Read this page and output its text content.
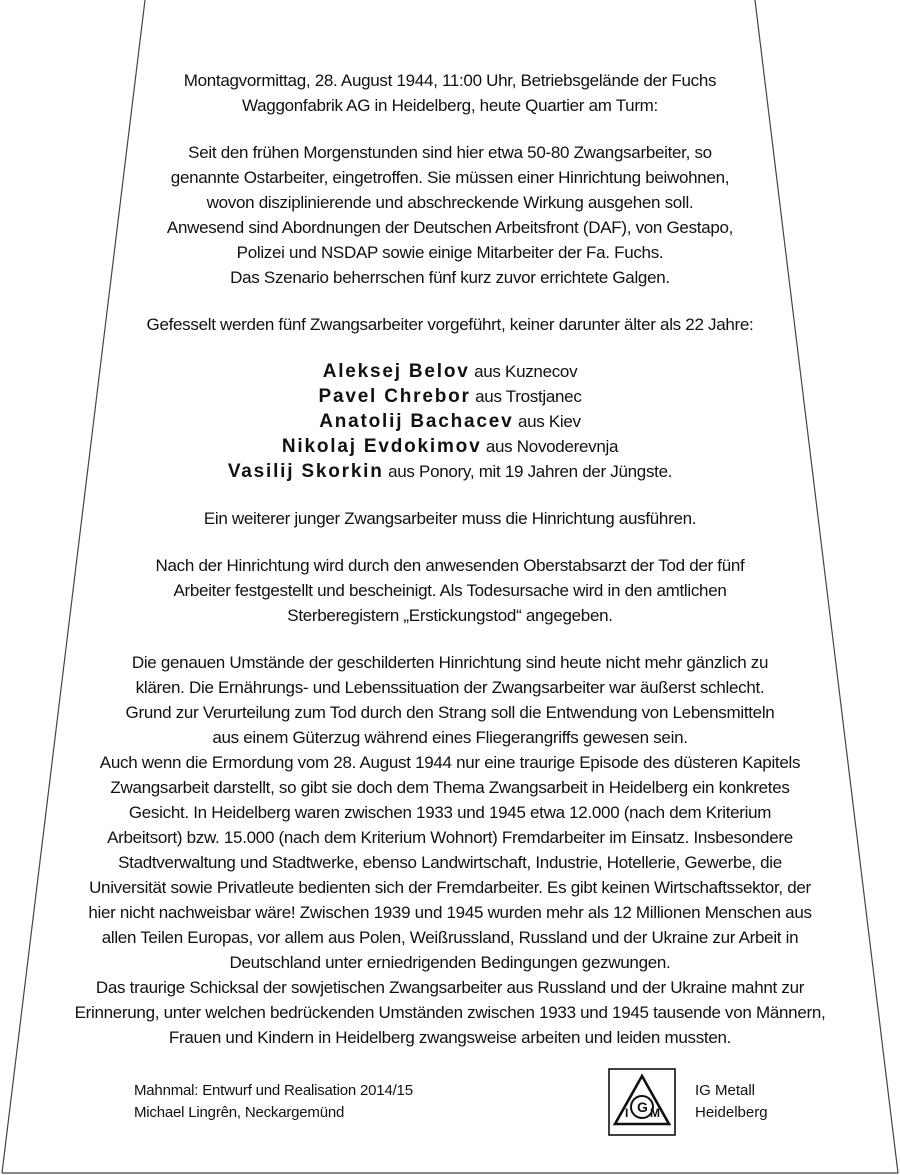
Montagvormittag, 28. August 1944, 11:00 Uhr, Betriebsgelände der Fuchs

Waggonfabrik AG in Heidelberg, heute Quartier am Turm:

Seit den frühen Morgenstunden sind hier etwa 50-80 Zwangsarbeiter, so

genannte Ostarbeiter, eingetroffen. Sie müssen einer Hinrichtung beiwohnen,

wovon disziplinierende und abschreckende Wirkung ausgehen soll.

Anwesend sind Abordnungen der Deutschen Arbeitsfront (DAF), von Gestapo,

Polizei und NSDAP sowie einige Mitarbeiter der Fa. Fuchs.

Das Szenario beherrschen fünf kurz zuvor errichtete Galgen.

Gefesselt werden fünf Zwangsarbeiter vorgeführt, keiner darunter älter als 22 Jahre:

Aleksej Belov aus Kuznecov
Pavel Chrebor aus Trostjanec
Anatolij Bachacev aus Kiev
Nikolaj Evdokimov aus Novoderevnja
Vasilij Skorkin aus Ponory, mit 19 Jahren der Jüngste.

Ein weiterer junger Zwangsarbeiter muss die Hinrichtung ausführen.

Nach der Hinrichtung wird durch den anwesenden Oberstabsarzt der Tod der fünf

Arbeiter festgestellt und bescheinigt. Als Todesursache wird in den amtlichen

Sterberegistern „Erstickungstod“ angegeben.

Die genauen Umstände der geschilderten Hinrichtung sind heute nicht mehr gänzlich zu

klären. Die Ernährungs- und Lebenssituation der Zwangsarbeiter war äußerst schlecht.

Grund zur Verurteilung zum Tod durch den Strang soll die Entwendung von Lebensmitteln

aus einem Güterzug während eines Fliegerangriffs gewesen sein.

Auch wenn die Ermordung vom 28. August 1944 nur eine traurige Episode des düsteren Kapitels

Zwangsarbeit darstellt, so gibt sie doch dem Thema Zwangsarbeit in Heidelberg ein konkretes

Gesicht. In Heidelberg waren zwischen 1933 und 1945 etwa 12.000 (nach dem Kriterium

Arbeitsort) bzw. 15.000 (nach dem Kriterium Wohnort) Fremdarbeiter im Einsatz. Insbesondere

Stadtverwaltung und Stadtwerke, ebenso Landwirtschaft, Industrie, Hotellerie, Gewerbe, die

Universität sowie Privatleute bedienten sich der Fremdarbeiter. Es gibt keinen Wirtschaftssektor, der

hier nicht nachweisbar wäre! Zwischen 1939 und 1945 wurden mehr als 12 Millionen Menschen aus

allen Teilen Europas, vor allem aus Polen, Weißrussland, Russland und der Ukraine zur Arbeit in

Deutschland unter erniedrigenden Bedingungen gezwungen.

Das traurige Schicksal der sowjetischen Zwangsarbeiter aus Russland und der Ukraine mahnt zur

Erinnerung, unter welchen bedrückenden Umständen zwischen 1933 und 1945 tausende von Männern,

Frauen und Kindern in Heidelberg zwangsweise arbeiten und leiden mussten.

Mahnmal: Entwurf und Realisation 2014/15
Michael Lingrên, Neckargemünd	I G M
IG Metall
Heidelberg
